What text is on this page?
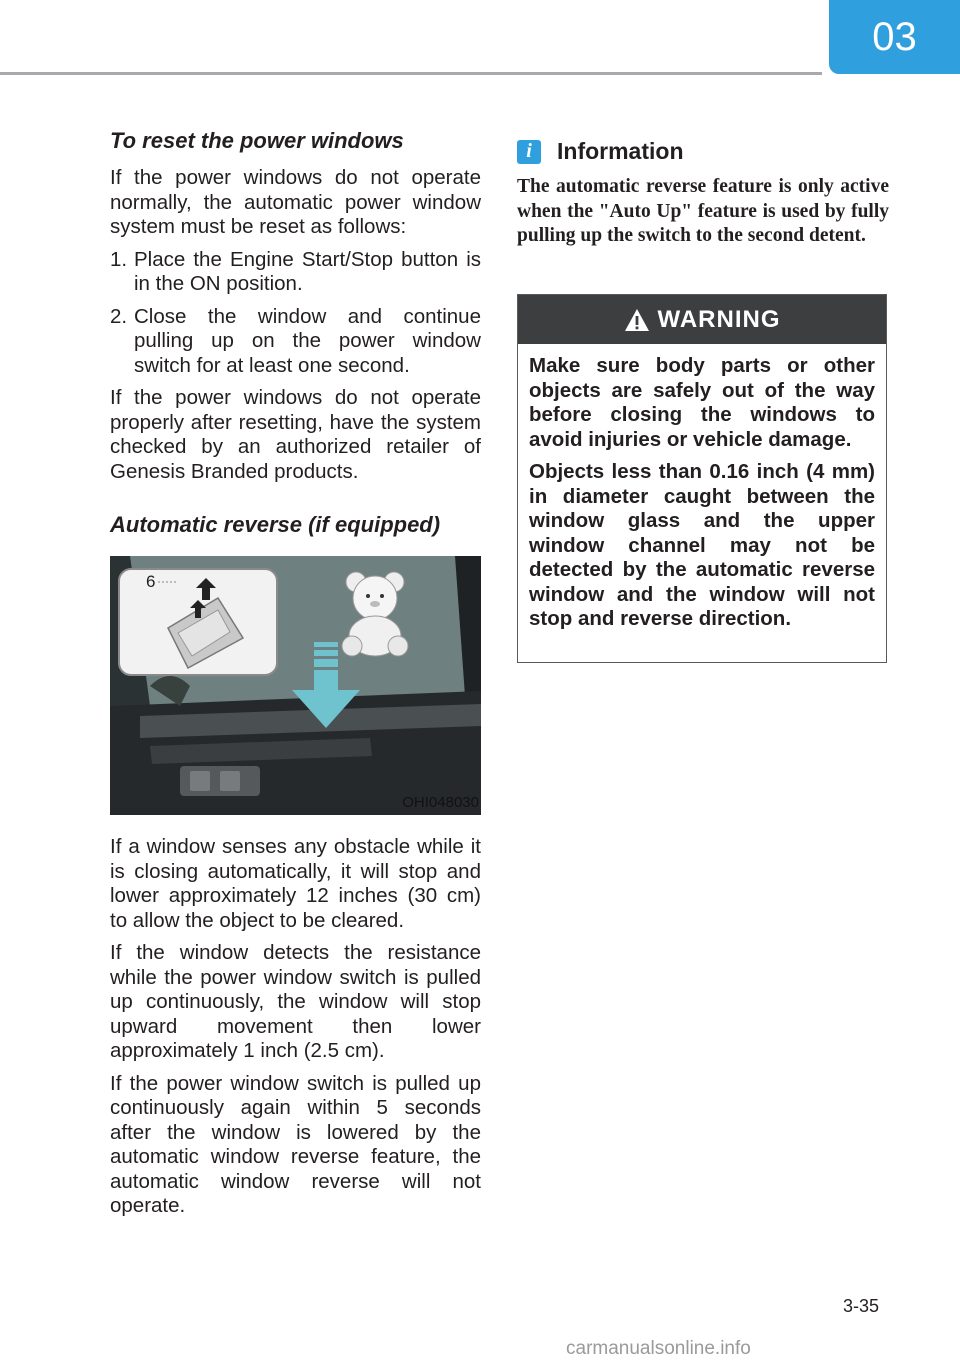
03
To reset the power windows

If the power windows do not operate normally, the automatic power window system must be reset as follows:

1. Place the Engine Start/Stop button is in the ON position.
2. Close the window and continue pulling up on the power window switch for at least one second.

If the power windows do not operate properly after resetting, have the system checked by an authorized retailer of Genesis Branded products.

Automatic reverse (if equipped)
6
OHI048030

If a window senses any obstacle while it is closing automatically, it will stop and lower approximately 12 inches (30 cm) to allow the object to be cleared.

If the window detects the resistance while the power window switch is pulled up continuously, the window will stop upward movement then lower approximately 1 inch (2.5 cm).

If the power window switch is pulled up continuously again within 5 seconds after the window is lowered by the automatic window reverse feature, the automatic window reverse will not operate.

i	Information

The automatic reverse feature is only active when the "Auto Up" feature is used by fully pulling up the switch to the second detent.

WARNING

Make sure body parts or other objects are safely out of the way before closing the windows to avoid injuries or vehicle damage.

Objects less than 0.16 inch (4 mm) in diameter caught between the window glass and the upper window channel may not be detected by the automatic reverse window and the window will not stop and reverse direction.

3-35
carmanualsonline.info
